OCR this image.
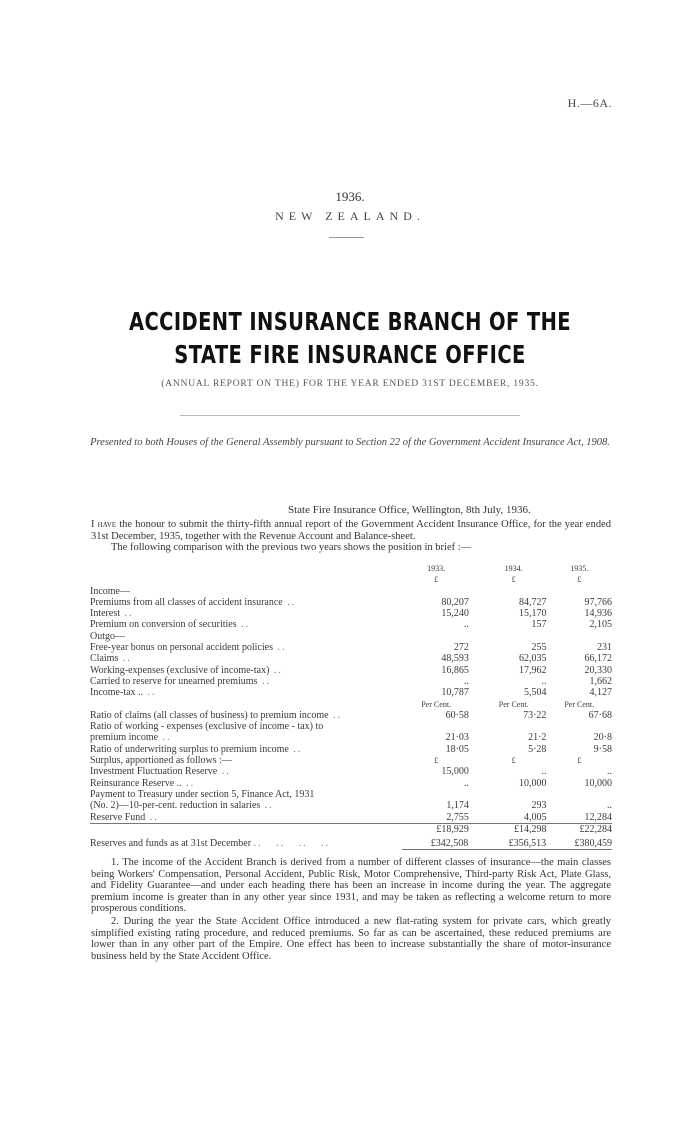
H.—6A.
1936.
NEW ZEALAND.
ACCIDENT INSURANCE BRANCH OF THE STATE FIRE INSURANCE OFFICE
(ANNUAL REPORT ON THE) FOR THE YEAR ENDED 31ST DECEMBER, 1935.
Presented to both Houses of the General Assembly pursuant to Section 22 of the Government Accident Insurance Act, 1908.
State Fire Insurance Office, Wellington, 8th July, 1936.
I have the honour to submit the thirty-fifth annual report of the Government Accident Insurance Office, for the year ended 31st December, 1935, together with the Revenue Account and Balance-sheet.
The following comparison with the previous two years shows the position in brief :—
	1933.	1934.	1935.
	£	£	£
Income—			
Premiums from all classes of accident insurance ..	80,207	84,727	97,766
Interest ..	15,240	15,170	14,936
Premium on conversion of securities ..	..	157	2,105
Outgo—			
Free-year bonus on personal accident policies ..	272	255	231
Claims ..	48,593	62,035	66,172
Working-expenses (exclusive of income-tax) ..	16,865	17,962	20,330
Carried to reserve for unearned premiums ..	..	..	1,662
Income-tax .. ..	10,787	5,504	4,127
	Per Cent.	Per Cent.	Per Cent.
Ratio of claims (all classes of business) to premium income ..	60·58	73·22	67·68
Ratio of working - expenses (exclusive of income - tax) to			
premium income ..	21·03	21·2	20·8
Ratio of underwriting surplus to premium income ..	18·05	5·28	9·58
Surplus, apportioned as follows :—	£	£	£
Investment Fluctuation Reserve ..	15,000	..	..
Reinsurance Reserve .. ..	..	10,000	10,000
Payment to Treasury under section 5, Finance Act, 1931			
(No. 2)—10-per-cent. reduction in salaries ..	1,174	293	..
Reserve Fund ..	2,755	4,005	12,284
	£18,929	£14,298	£22,284
Reserves and funds as at 31st December ..   ..   ..   ..	£342,508	£356,513	£380,459
1. The income of the Accident Branch is derived from a number of different classes of insurance—the main classes being Workers' Compensation, Personal Accident, Public Risk, Motor Comprehensive, Third-party Risk Act, Plate Glass, and Fidelity Guarantee—and under each heading there has been an increase in income during the year. The aggregate premium income is greater than in any other year since 1931, and may be taken as reflecting a welcome return to more prosperous conditions.
2. During the year the State Accident Office introduced a new flat-rating system for private cars, which greatly simplified existing rating procedure, and reduced premiums. So far as can be ascertained, these reduced premiums are lower than in any other part of the Empire. One effect has been to increase substantially the share of motor-insurance business held by the State Accident Office.
